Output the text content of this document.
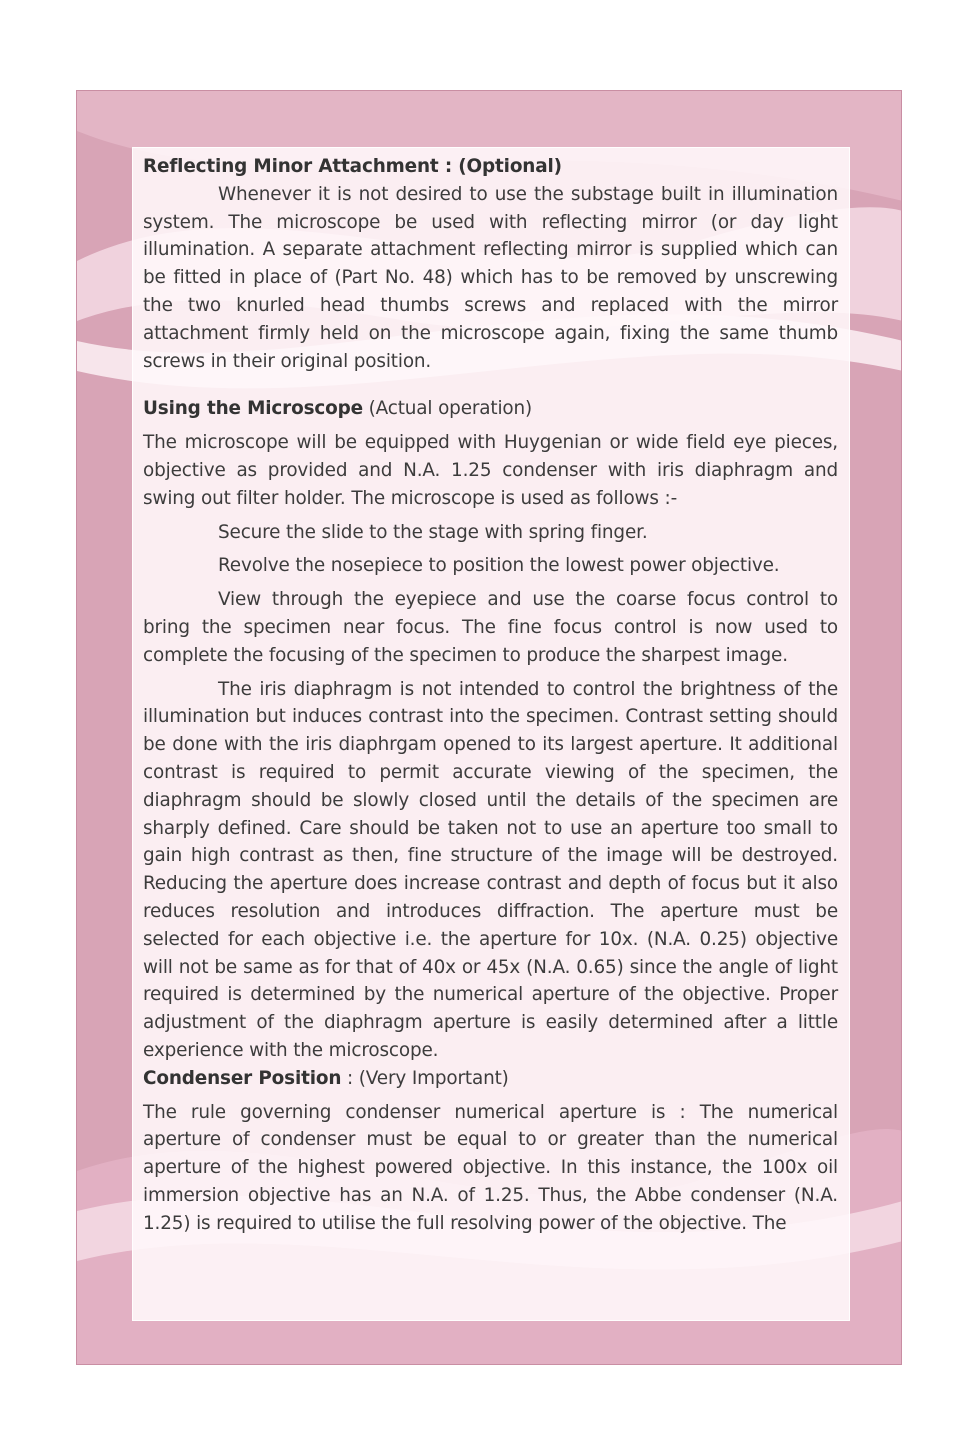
Reflecting Minor Attachment : (Optional)

Whenever it is not desired to use the substage built in illumination system. The microscope be used with reflecting mirror (or day light illumination. A separate attachment reflecting mirror is supplied which can be fitted in place of (Part No. 48) which has to be removed by unscrewing the two knurled head thumbs screws and replaced with the mirror attachment firmly held on the microscope again, fixing the same thumb screws in their original position.

Using the Microscope (Actual operation)

The microscope will be equipped with Huygenian or wide field eye pieces, objective as provided and N.A. 1.25 condenser with iris diaphragm and swing out filter holder. The microscope is used as follows :-

Secure the slide to the stage with spring finger.

Revolve the nosepiece to position the lowest power objective.

View through the eyepiece and use the coarse focus control to bring the specimen near focus. The fine focus control is now used to complete the focusing of the specimen to produce the sharpest image.

The iris diaphragm is not intended to control the brightness of the illumination but induces contrast into the specimen. Contrast setting should be done with the iris diaphrgam opened to its largest aperture. It additional contrast is required to permit accurate viewing of the specimen, the diaphragm should be slowly closed until the details of the specimen are sharply defined. Care should be taken not to use an aperture too small to gain high contrast as then, fine structure of the image will be destroyed. Reducing the aperture does increase contrast and depth of focus but it also reduces resolution and introduces diffraction. The aperture must be selected for each objective i.e. the aperture for 10x. (N.A. 0.25) objective will not be same as for that of 40x or 45x (N.A. 0.65) since the angle of light required is determined by the numerical aperture of the objective. Proper adjustment of the diaphragm aperture is easily determined after a little experience with the microscope.

Condenser Position : (Very Important)

The rule governing condenser numerical aperture is : The numerical aperture of condenser must be equal to or greater than the numerical aperture of the highest powered objective. In this instance, the 100x oil immersion objective has an N.A. of 1.25. Thus, the Abbe condenser (N.A. 1.25) is required to utilise the full resolving power of the objective. The
